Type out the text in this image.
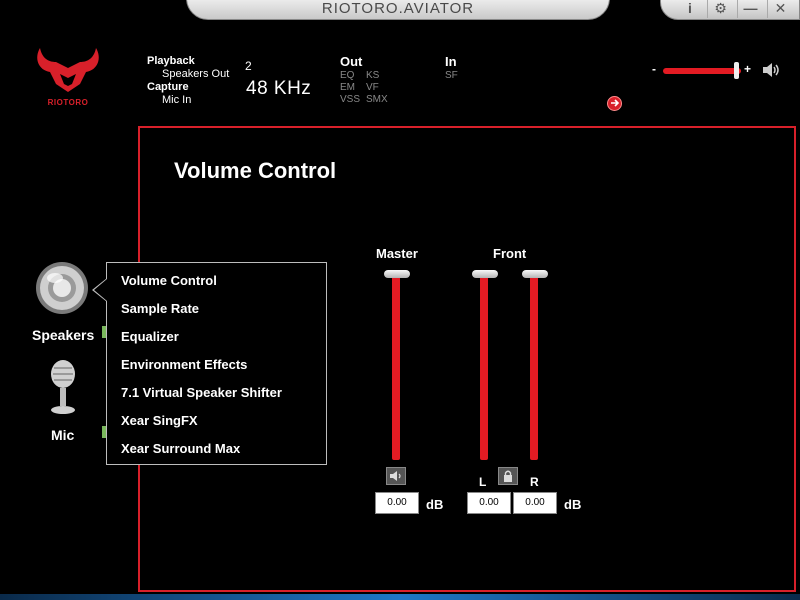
RIOTORO.AVIATOR	i	⚙	—	✕
RIOTORO
Playback
Speakers Out
Capture
Mic In
2
48 KHz
Out
EQ	KS
EM	VF
VSS SMX
In
SF	-	+
Volume Control
Master	Front
L	R
0.00	dB	0.00	0.00	dB
Speakers
Mic
Volume Control
Sample Rate
Equalizer
Environment Effects
7.1 Virtual Speaker Shifter
Xear SingFX
Xear Surround Max
